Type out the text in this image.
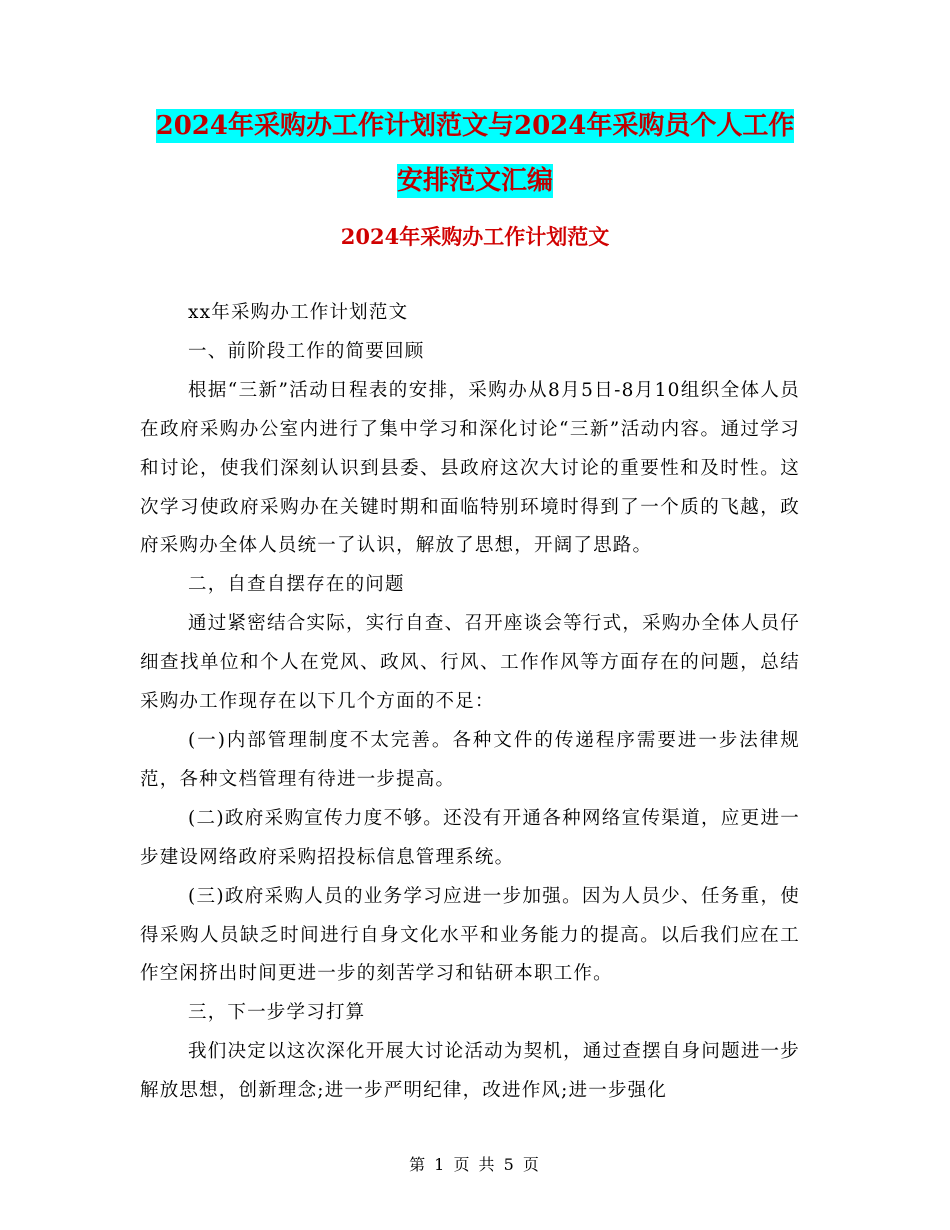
2024年采购办工作计划范文与2024年采购员个人工作
安排范文汇编
2024年采购办工作计划范文

xx年采购办工作计划范文

一、前阶段工作的简要回顾

根据“三新”活动日程表的安排，采购办从8月5日-8月10组织全体人员在政府采购办公室内进行了集中学习和深化讨论“三新”活动内容。通过学习和讨论，使我们深刻认识到县委、县政府这次大讨论的重要性和及时性。这次学习使政府采购办在关键时期和面临特别环境时得到了一个质的飞越，政府采购办全体人员统一了认识，解放了思想，开阔了思路。

二，自查自摆存在的问题

通过紧密结合实际，实行自查、召开座谈会等行式，采购办全体人员仔细查找单位和个人在党风、政风、行风、工作作风等方面存在的问题，总结采购办工作现存在以下几个方面的不足：

(一)内部管理制度不太完善。各种文件的传递程序需要进一步法律规范，各种文档管理有待进一步提高。

(二)政府采购宣传力度不够。还没有开通各种网络宣传渠道，应更进一步建设网络政府采购招投标信息管理系统。

(三)政府采购人员的业务学习应进一步加强。因为人员少、任务重，使得采购人员缺乏时间进行自身文化水平和业务能力的提高。以后我们应在工作空闲挤出时间更进一步的刻苦学习和钻研本职工作。

三，下一步学习打算

我们决定以这次深化开展大讨论活动为契机，通过查摆自身问题进一步解放思想，创新理念;进一步严明纪律，改进作风;进一步强化

第 1 页 共 5 页
